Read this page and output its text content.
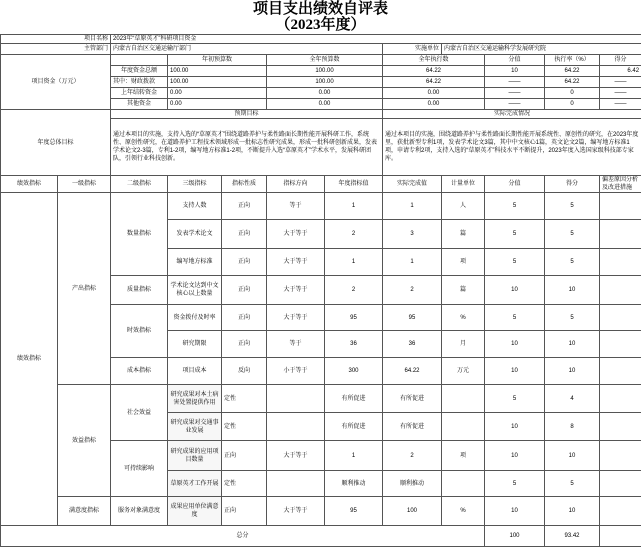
项目支出绩效自评表
（2023年度）
项目名称		2023年“草原英才”科研项目资金									
主管部门		内蒙古自治区交通运输厅部门					实施单位	内蒙古自治区交通运输科学发展研究院			
项目资金（万元）			年初预算数		全年预算数		全年执行数		分值	执行率（%）	得分
		年度资金总额	100.00		100.00		64.22		10	64.22	6.42
		其中：财政拨款	100.00		100.00		64.22		——	64.22	——
		上年结转资金	0.00		0.00		0.00		——	0	——
		其他资金	0.00		0.00		0.00		——	0	——
年度总体目标		预期目标					实际完成情况				
		通过本项目的实施，支持入选的“草原英才”围绕道路养护与柔性路面长期性能开展科研工作，系统性、原创性研究，在道路养护工程技术领域形成一批标志性研究成果，形成一批科研创新成果，发表学术论文2-3篇，专利1-2项，编写地方标准1-2项，不断提升入选“草原英才”学术水平，发展科研团队，引领行业科技创新。					通过本项目的实施，围绕道路养护与柔性路面长期性能开展系统性、原创性的研究，在2023年度里，获批新型专利1项，发表学术论文3篇，其中中文核心1篇，英文论文2篇，编写地方标准1项，申请专利2项，支持入选的“草原英才”科技水平不断提升，2023年度入选国家级科技部专家库。				
绩效指标	一级指标	二级指标	三级指标	指标性质	指标方向	年度指标值	实际完成值	计量单位	分值	得分	偏差原因分析及改进措施
绩效指标	产出指标	数量指标	支持人数	正向	等于	1	1	人	5	5	
			发表学术论文	正向	大于等于	2	3	篇	5	5	
			编写地方标准	正向	大于等于	1	1	项	5	5	
		质量指标	学术论文达到中文核心以上数量	正向	大于等于	2	2	篇	10	10	
		时效指标	资金拨付及时率	正向	大于等于	95	95	%	5	5	
			研究期限	正向	等于	36	36	月	10	10	
		成本指标	项目成本	反向	小于等于	300	64.22	万元	10	10	
	效益指标	社会效益	研究成果对本土病害处置提供作用	定性		有所促进	有所促进		5	4	
			研究成果对交通事业发展	定性		有所促进	有所促进		10	8	
		可持续影响	研究成果的应用项目数量	正向	大于等于	1	2	项	10	10	
			草原英才工作开展	定性		顺利推动	顺利推动		5	5	
	满意度指标	服务对象满意度	成果应用单位满意度	正向	大于等于	95	100	%	10	10	
总分									100	93.42	
